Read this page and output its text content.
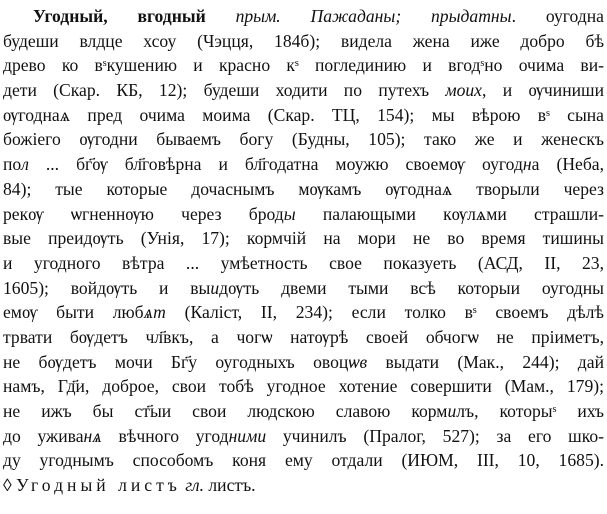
Угодный, вгодный прым. Пажаданы; прыдатны. оугодна
будеши влдце хсоу (Чэцця, 184б); видела жена иже добро бѣ
древо ко вˢкушению и красно кˢ поглединию и вгодˢно очима ви-
дети (Скар. КБ, 12); будеши ходити по путехъ моих, и ѹчиниши
ѹгоднаѧ пред очима моима (Скар. ТЦ, 154); мы вѣрою вˢ сына
божіего ѹгодни бываемъ богу (Будны, 105); тако же и женескъ
пол ... бг҃ѹ бл҃говѣрна и бл҃годатна моужю своемѹ оугодна (Неба,
84); тые которые дочаснымъ мѹкамъ ѹгоднаѧ творыли через
рекѹ ѡгненнѹю через броды палающыми кѹлѧми страшли-
вые преидѹть (Унія, 17); кормчій на мори не во время тишины
и угодного вѣтра ... умѣетность свое показуеть (АСД, II, 23,
1605); войдѹть и выидѹть двеми тыми всѣ которыи оугодны
емѹ быти любѧт (Каліст, II, 234); если толко вˢ своемъ дѣлѣ
трвати бѹдетъ чл҃вкъ, а чогѡ натѹрѣ своей обчогѡ не пріиметъ,
не бѹдетъ мочи Бг҃у оугодныхъ овоцѡв выдати (Мак., 244); дай
намъ, Гд҃и, доброе, свои тобѣ угодное хотение совершити (Мам., 179);
не ижъ бы ст҃ыи свои людскою славою кормилъ, которыˢ ихъ
до уживанѧ вѣчного угодними учинилъ (Пралог, 527); за его шко-
ду угоднымъ способомъ коня ему отдали (ИЮМ, III, 10, 1685).
◊ Угодный листъ гл. листъ.
